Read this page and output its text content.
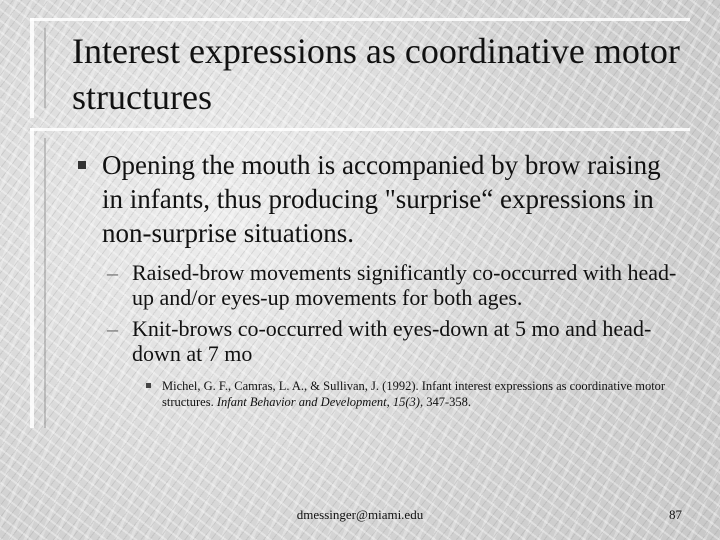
Interest expressions as coordinative motor structures
Opening the mouth is accompanied by brow raising in infants, thus producing "surprise“ expressions in non-surprise situations.
– Raised-brow movements significantly co-occurred with head-up and/or eyes-up movements for both ages.
– Knit-brows co-occurred with eyes-down at 5 mo and head-down at 7 mo
Michel, G. F., Camras, L. A., & Sullivan, J. (1992). Infant interest expressions as coordinative motor structures. Infant Behavior and Development, 15(3), 347-358.
dmessinger@miami.edu	87
